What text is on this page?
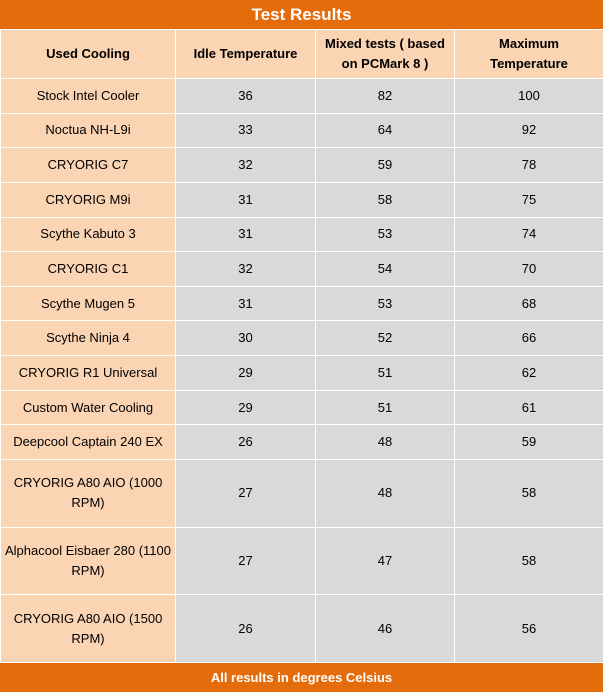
Test Results
Used Cooling	Idle Temperature	Mixed tests ( based on PCMark 8 )	Maximum Temperature
Stock Intel Cooler	36	82	100
Noctua NH-L9i	33	64	92
CRYORIG C7	32	59	78
CRYORIG M9i	31	58	75
Scythe Kabuto 3	31	53	74
CRYORIG C1	32	54	70
Scythe Mugen 5	31	53	68
Scythe Ninja 4	30	52	66
CRYORIG R1 Universal	29	51	62
Custom Water Cooling	29	51	61
Deepcool Captain 240 EX	26	48	59
CRYORIG A80 AIO (1000 RPM)	27	48	58
Alphacool Eisbaer 280 (1100 RPM)	27	47	58
CRYORIG A80 AIO (1500 RPM)	26	46	56
All results in degrees Celsius
